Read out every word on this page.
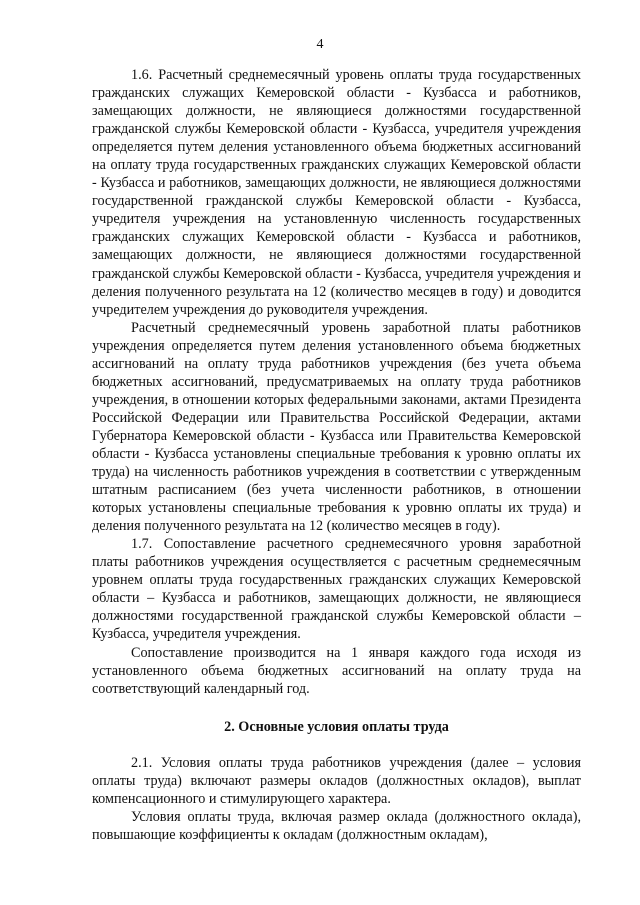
4

1.6. Расчетный среднемесячный уровень оплаты труда государственных гражданских служащих Кемеровской области - Кузбасса и работников, замещающих должности, не являющиеся должностями государственной гражданской службы Кемеровской области - Кузбасса, учредителя учреждения определяется путем деления установленного объема бюджетных ассигнований на оплату труда государственных гражданских служащих Кемеровской области - Кузбасса и работников, замещающих должности, не являющиеся должностями государственной гражданской службы Кемеровской области - Кузбасса, учредителя учреждения на установленную численность государственных гражданских служащих Кемеровской области - Кузбасса и работников, замещающих должности, не являющиеся должностями государственной гражданской службы Кемеровской области - Кузбасса, учредителя учреждения и деления полученного результата на 12 (количество месяцев в году) и доводится учредителем учреждения до руководителя учреждения.

Расчетный среднемесячный уровень заработной платы работников учреждения определяется путем деления установленного объема бюджетных ассигнований на оплату труда работников учреждения (без учета объема бюджетных ассигнований, предусматриваемых на оплату труда работников учреждения, в отношении которых федеральными законами, актами Президента Российской Федерации или Правительства Российской Федерации, актами Губернатора Кемеровской области - Кузбасса или Правительства Кемеровской области - Кузбасса установлены специальные требования к уровню оплаты их труда) на численность работников учреждения в соответствии с утвержденным штатным расписанием (без учета численности работников, в отношении которых установлены специальные требования к уровню оплаты их труда) и деления полученного результата на 12 (количество месяцев в году).

1.7. Сопоставление расчетного среднемесячного уровня заработной платы работников учреждения осуществляется с расчетным среднемесячным уровнем оплаты труда государственных гражданских служащих Кемеровской области – Кузбасса и работников, замещающих должности, не являющиеся должностями государственной гражданской службы Кемеровской области – Кузбасса, учредителя учреждения.

Сопоставление производится на 1 января каждого года исходя из установленного объема бюджетных ассигнований на оплату труда на соответствующий календарный год.

2. Основные условия оплаты труда

2.1. Условия оплаты труда работников учреждения (далее – условия оплаты труда) включают размеры окладов (должностных окладов), выплат компенсационного и стимулирующего характера.

Условия оплаты труда, включая размер оклада (должностного оклада), повышающие коэффициенты к окладам (должностным окладам),
